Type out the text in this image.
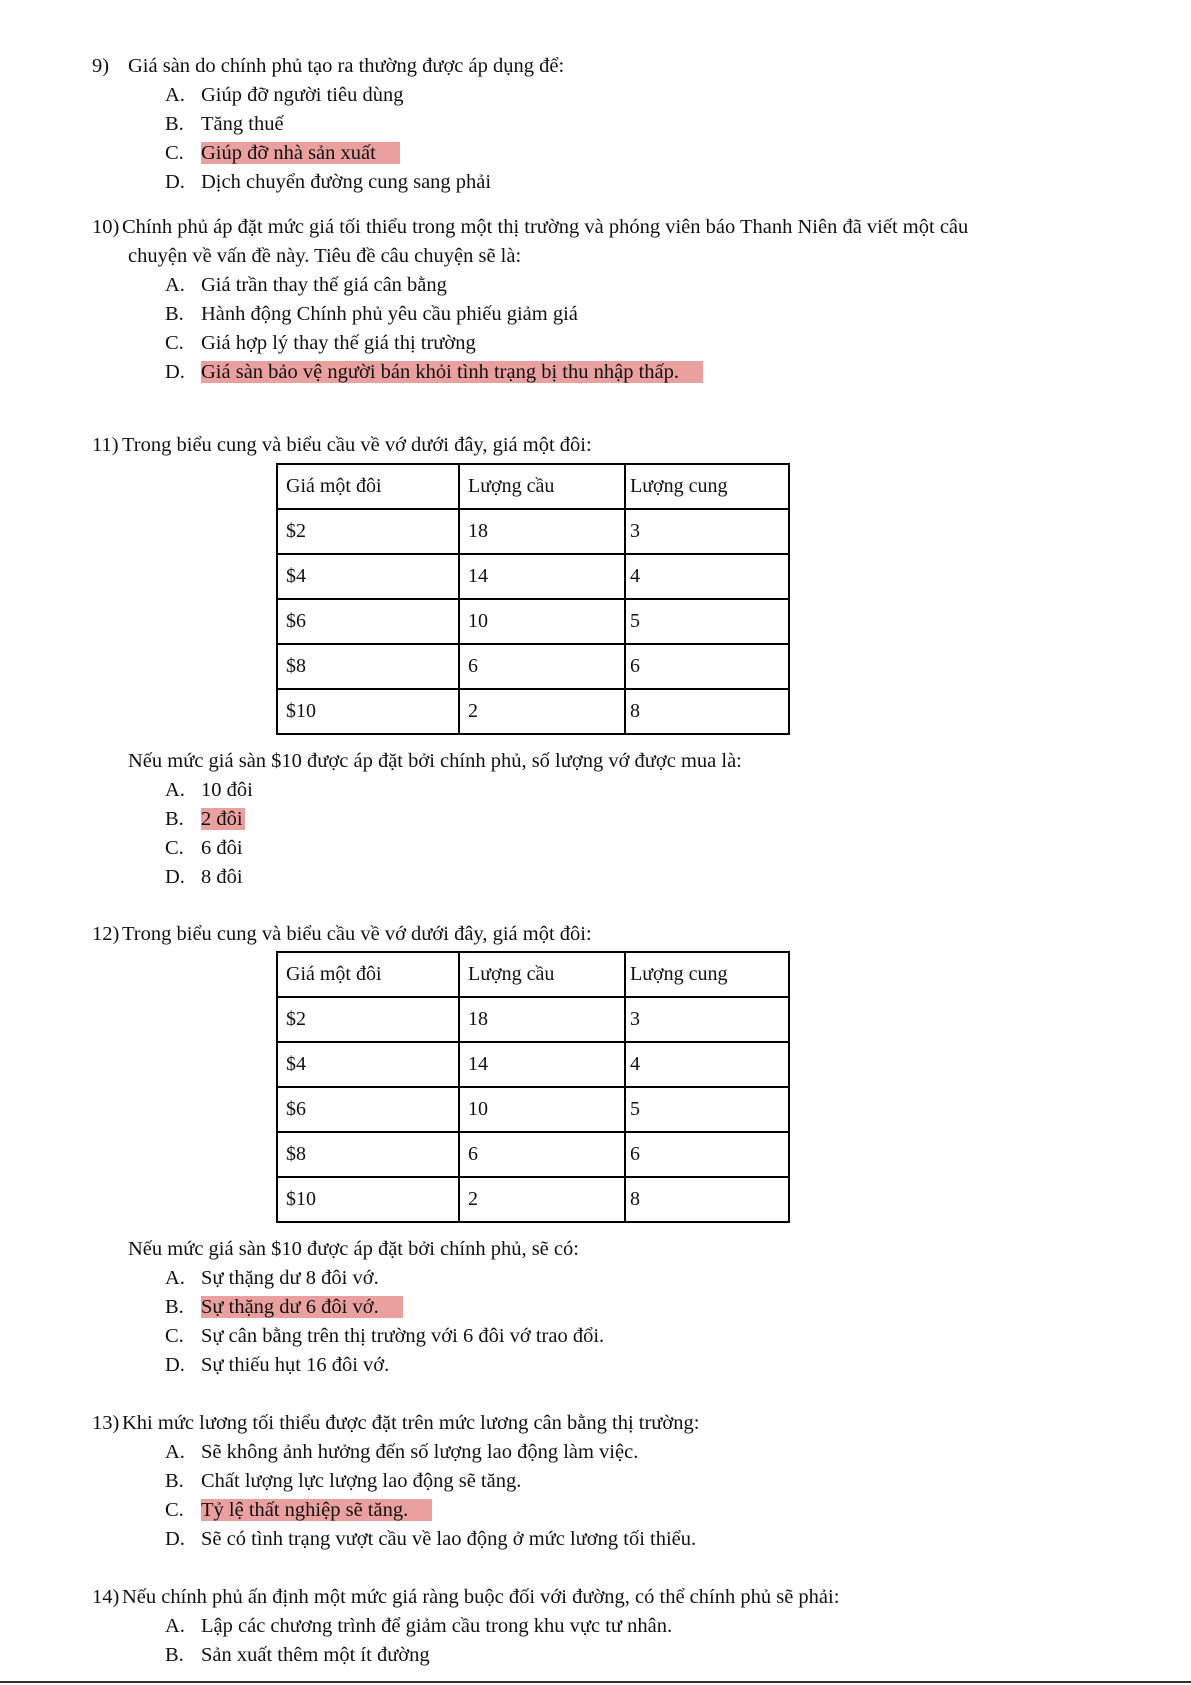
9) Giá sàn do chính phủ tạo ra thường được áp dụng để:
A. Giúp đỡ người tiêu dùng
B. Tăng thuế
C. Giúp đỡ nhà sản xuất
D. Dịch chuyển đường cung sang phải
10) Chính phủ áp đặt mức giá tối thiểu trong một thị trường và phóng viên báo Thanh Niên đã viết một câu
chuyện về vấn đề này. Tiêu đề câu chuyện sẽ là:
A. Giá trần thay thế giá cân bằng
B. Hành động Chính phủ yêu cầu phiếu giảm giá
C. Giá hợp lý thay thế giá thị trường
D. Giá sàn bảo vệ người bán khỏi tình trạng bị thu nhập thấp.
11) Trong biểu cung và biểu cầu về vớ dưới đây, giá một đôi:
Giá một đôi	Lượng cầu	Lượng cung
$2	18	3
$4	14	4
$6	10	5
$8	6	6
$10	2	8
Nếu mức giá sàn $10 được áp đặt bởi chính phủ, số lượng vớ được mua là:
A. 10 đôi
B. 2 đôi
C. 6 đôi
D. 8 đôi
12) Trong biểu cung và biểu cầu về vớ dưới đây, giá một đôi:
Giá một đôi	Lượng cầu	Lượng cung
$2	18	3
$4	14	4
$6	10	5
$8	6	6
$10	2	8
Nếu mức giá sàn $10 được áp đặt bởi chính phủ, sẽ có:
A. Sự thặng dư 8 đôi vớ.
B. Sự thặng dư 6 đôi vớ.
C. Sự cân bằng trên thị trường với 6 đôi vớ trao đổi.
D. Sự thiếu hụt 16 đôi vớ.
13) Khi mức lương tối thiểu được đặt trên mức lương cân bằng thị trường:
A. Sẽ không ảnh hưởng đến số lượng lao động làm việc.
B. Chất lượng lực lượng lao động sẽ tăng.
C. Tỷ lệ thất nghiệp sẽ tăng.
D. Sẽ có tình trạng vượt cầu về lao động ở mức lương tối thiểu.
14) Nếu chính phủ ấn định một mức giá ràng buộc đối với đường, có thể chính phủ sẽ phải:
A. Lập các chương trình để giảm cầu trong khu vực tư nhân.
B. Sản xuất thêm một ít đường
